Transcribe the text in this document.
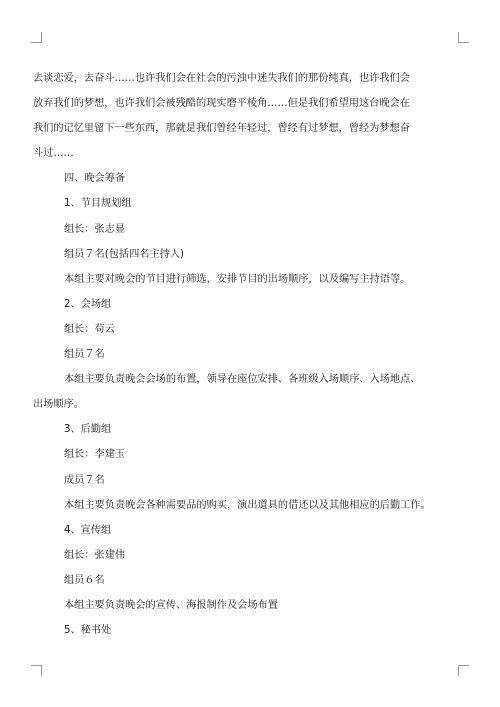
去谈恋爱，去奋斗……也许我们会在社会的污浊中迷失我们的那份纯真，也许我们会

放弃我们的梦想，也许我们会被残酷的现实磨平棱角……但是我们希望用这台晚会在

我们的记忆里留下一些东西，那就是我们曾经年轻过，曾经有过梦想，曾经为梦想奋

斗过……

四、晚会筹备

1、节目规划组

组长：张志显

组员７名(包括四名主持人)

本组主要对晚会的节目进行筛选，安排节目的出场顺序，以及编写主持语等。

2、会场组

组长：苟云

组员７名

本组主要负责晚会会场的布置，领导在座位安排、各班级入场顺序、入场地点、

出场顺序。

3、后勤组

组长：李建玉

成员７名

本组主要负责晚会各种需要品的购买，演出道具的借还以及其他相应的后勤工作。

4、宣传组

组长：张建伟

组员６名

本组主要负责晚会的宣传、海报制作及会场布置

5、秘书处
